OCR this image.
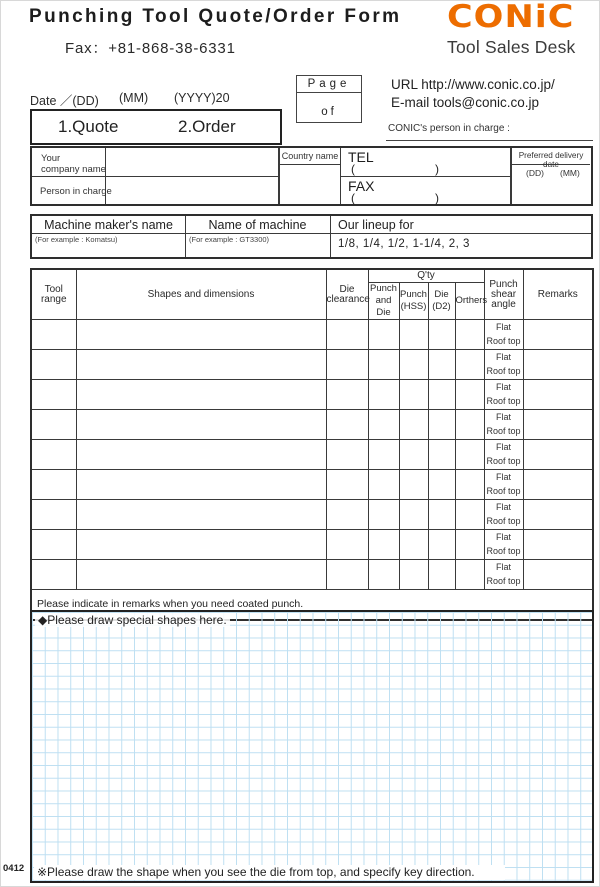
Punching Tool Quote/Order Form
Fax：+81-868-38-6331
CONiC
Tool Sales Desk
Date ／(DD) (MM) (YYYY)20
Page
of
URL http://www.conic.co.jp/
E-mail tools@conic.co.jp
1.Quote	2.Order	CONIC's person in charge :
Your
company name
Person in charge
Country name TEL
(	)
FAX
(	)
Preferred delivery date
(DD) (MM)
Machine maker's name
(For example : Komatsu)
Name of machine
(For example : GT3300)
Our lineup for
1/8, 1/4, 1/2, 1-1/4, 2, 3
Tool range	Shapes and dimensions	Die clearance	Q'ty				Punch shear angle	Remarks
			Punch and Die	Punch (HSS)	Die (D2)	Orthers		

							Flat
Roof top	

							Flat
Roof top	

							Flat
Roof top	

							Flat
Roof top	

							Flat
Roof top	

							Flat
Roof top	

							Flat
Roof top	

							Flat
Roof top	

							Flat
Roof top	

Please indicate in remarks when you need coated punch.								
◆Please draw special shapes here.
※Please draw the shape when you see the die from top, and specify key direction.
0412
